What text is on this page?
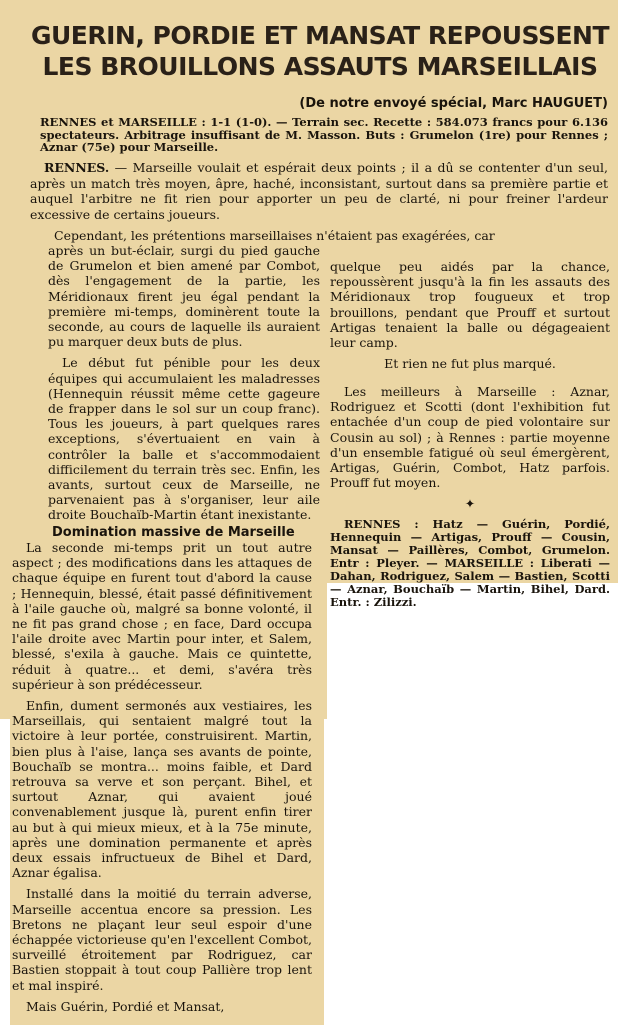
GUERIN, PORDIE ET MANSAT REPOUSSENT
LES BROUILLONS ASSAUTS MARSEILLAIS
(De notre envoyé spécial, Marc HAUGUET)

RENNES et MARSEILLE : 1-1 (1-0). — Terrain sec. Recette : 584.073 francs pour 6.136 spectateurs. Arbitrage insuffisant de M. Masson. Buts : Grumelon (1re) pour Rennes ; Aznar (75e) pour Marseille.

RENNES. — Marseille voulait et espérait deux points ; il a dû se contenter d'un seul, après un match très moyen, âpre, haché, inconsistant, surtout dans sa première partie et auquel l'arbitre ne fit rien pour apporter un peu de clarté, ni pour freiner l'ardeur excessive de certains joueurs.

Cependant, les prétentions marseillaises n'étaient pas exagérées, car

après un but-éclair, surgi du pied gauche de Grumelon et bien amené par Combot, dès l'engagement de la partie, les Méridionaux firent jeu égal pendant la première mi-temps, dominèrent toute la seconde, au cours de laquelle ils auraient pu marquer deux buts de plus.

Le début fut pénible pour les deux équipes qui accumulaient les maladresses (Hennequin réussit même cette gageure de frapper dans le sol sur un coup franc). Tous les joueurs, à part quelques rares exceptions, s'évertuaient en vain à contrôler la balle et s'accommodaient difficilement du terrain très sec. Enfin, les avants, surtout ceux de Marseille, ne parvenaient pas à s'organiser, leur aile droite Bouchaïb-Martin étant inexistante.

Domination massive de Marseille

La seconde mi-temps prit un tout autre aspect ; des modifications dans les attaques de chaque équipe en furent tout d'abord la cause ; Hennequin, blessé, était passé définitivement à l'aile gauche où, malgré sa bonne volonté, il ne fit pas grand chose ; en face, Dard occupa l'aile droite avec Martin pour inter, et Salem, blessé, s'exila à gauche. Mais ce quintette, réduit à quatre... et demi, s'avéra très supérieur à son prédécesseur.

Enfin, dument sermonés aux vestiaires, les Marseillais, qui sentaient malgré tout la victoire à leur portée, construisirent. Martin, bien plus à l'aise, lança ses avants de pointe, Bouchaïb se montra... moins faible, et Dard retrouva sa verve et son perçant. Bihel, et surtout Aznar, qui avaient joué convenablement jusque là, purent enfin tirer au but à qui mieux mieux, et à la 75e minute, après une domination permanente et après deux essais infructueux de Bihel et Dard, Aznar égalisa.

Installé dans la moitié du terrain adverse, Marseille accentua encore sa pression. Les Bretons ne plaçant leur seul espoir d'une échappée victorieuse qu'en l'excellent Combot, surveillé étroitement par Rodriguez, car Bastien stoppait à tout coup Pallière trop lent et mal inspiré.

Mais Guérin, Pordié et Mansat,

quelque peu aidés par la chance, repoussèrent jusqu'à la fin les assauts des Méridionaux trop fougueux et trop brouillons, pendant que Prouff et surtout Artigas tenaient la balle ou dégageaient leur camp.

Et rien ne fut plus marqué.

Les meilleurs à Marseille : Aznar, Rodriguez et Scotti (dont l'exhibition fut entachée d'un coup de pied volontaire sur Cousin au sol) ; à Rennes : partie moyenne d'un ensemble fatigué où seul émergèrent, Artigas, Guérin, Combot, Hatz parfois. Prouff fut moyen.

✦

RENNES : Hatz — Guérin, Pordié, Hennequin — Artigas, Prouff — Cousin, Mansat — Paillères, Combot, Grumelon. Entr : Pleyer. — MARSEILLE : Liberati — Dahan, Rodriguez, Salem — Bastien, Scotti — Aznar, Bouchaïb — Martin, Bihel, Dard. Entr. : Zilizzi.
